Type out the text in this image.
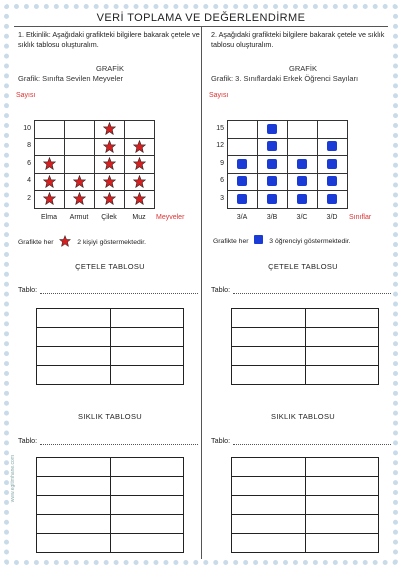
VERİ TOPLAMA VE DEĞERLENDİRME

1. Etkinlik: Aşağıdaki grafikteki bilgilere bakarak çetele ve sıklık tablosu oluşturalım.

GRAFİK
Grafik: Sınıfta Sevilen Meyveler
Sayısı
10
8
6
4
2
Elma	Armut	Çilek	Muz	Meyveler
Grafikte her	2 kişiyi göstermektedir.
ÇETELE TABLOSU
Tablo:

SIKLIK TABLOSU
Tablo:

2. Aşağıdaki grafikteki bilgilere bakarak çetele ve sıklık tablosu oluşturalım.

GRAFİK
Grafik: 3. Sınıflardaki Erkek Öğrenci Sayıları
Sayısı
15
12
9
6
3
3/A	3/B	3/C	3/D	Sınıflar
Grafikte her	3 öğrenciyi göstermektedir.
ÇETELE TABLOSU
Tablo:

SIKLIK TABLOSU
Tablo:

www.egitimhane.com
